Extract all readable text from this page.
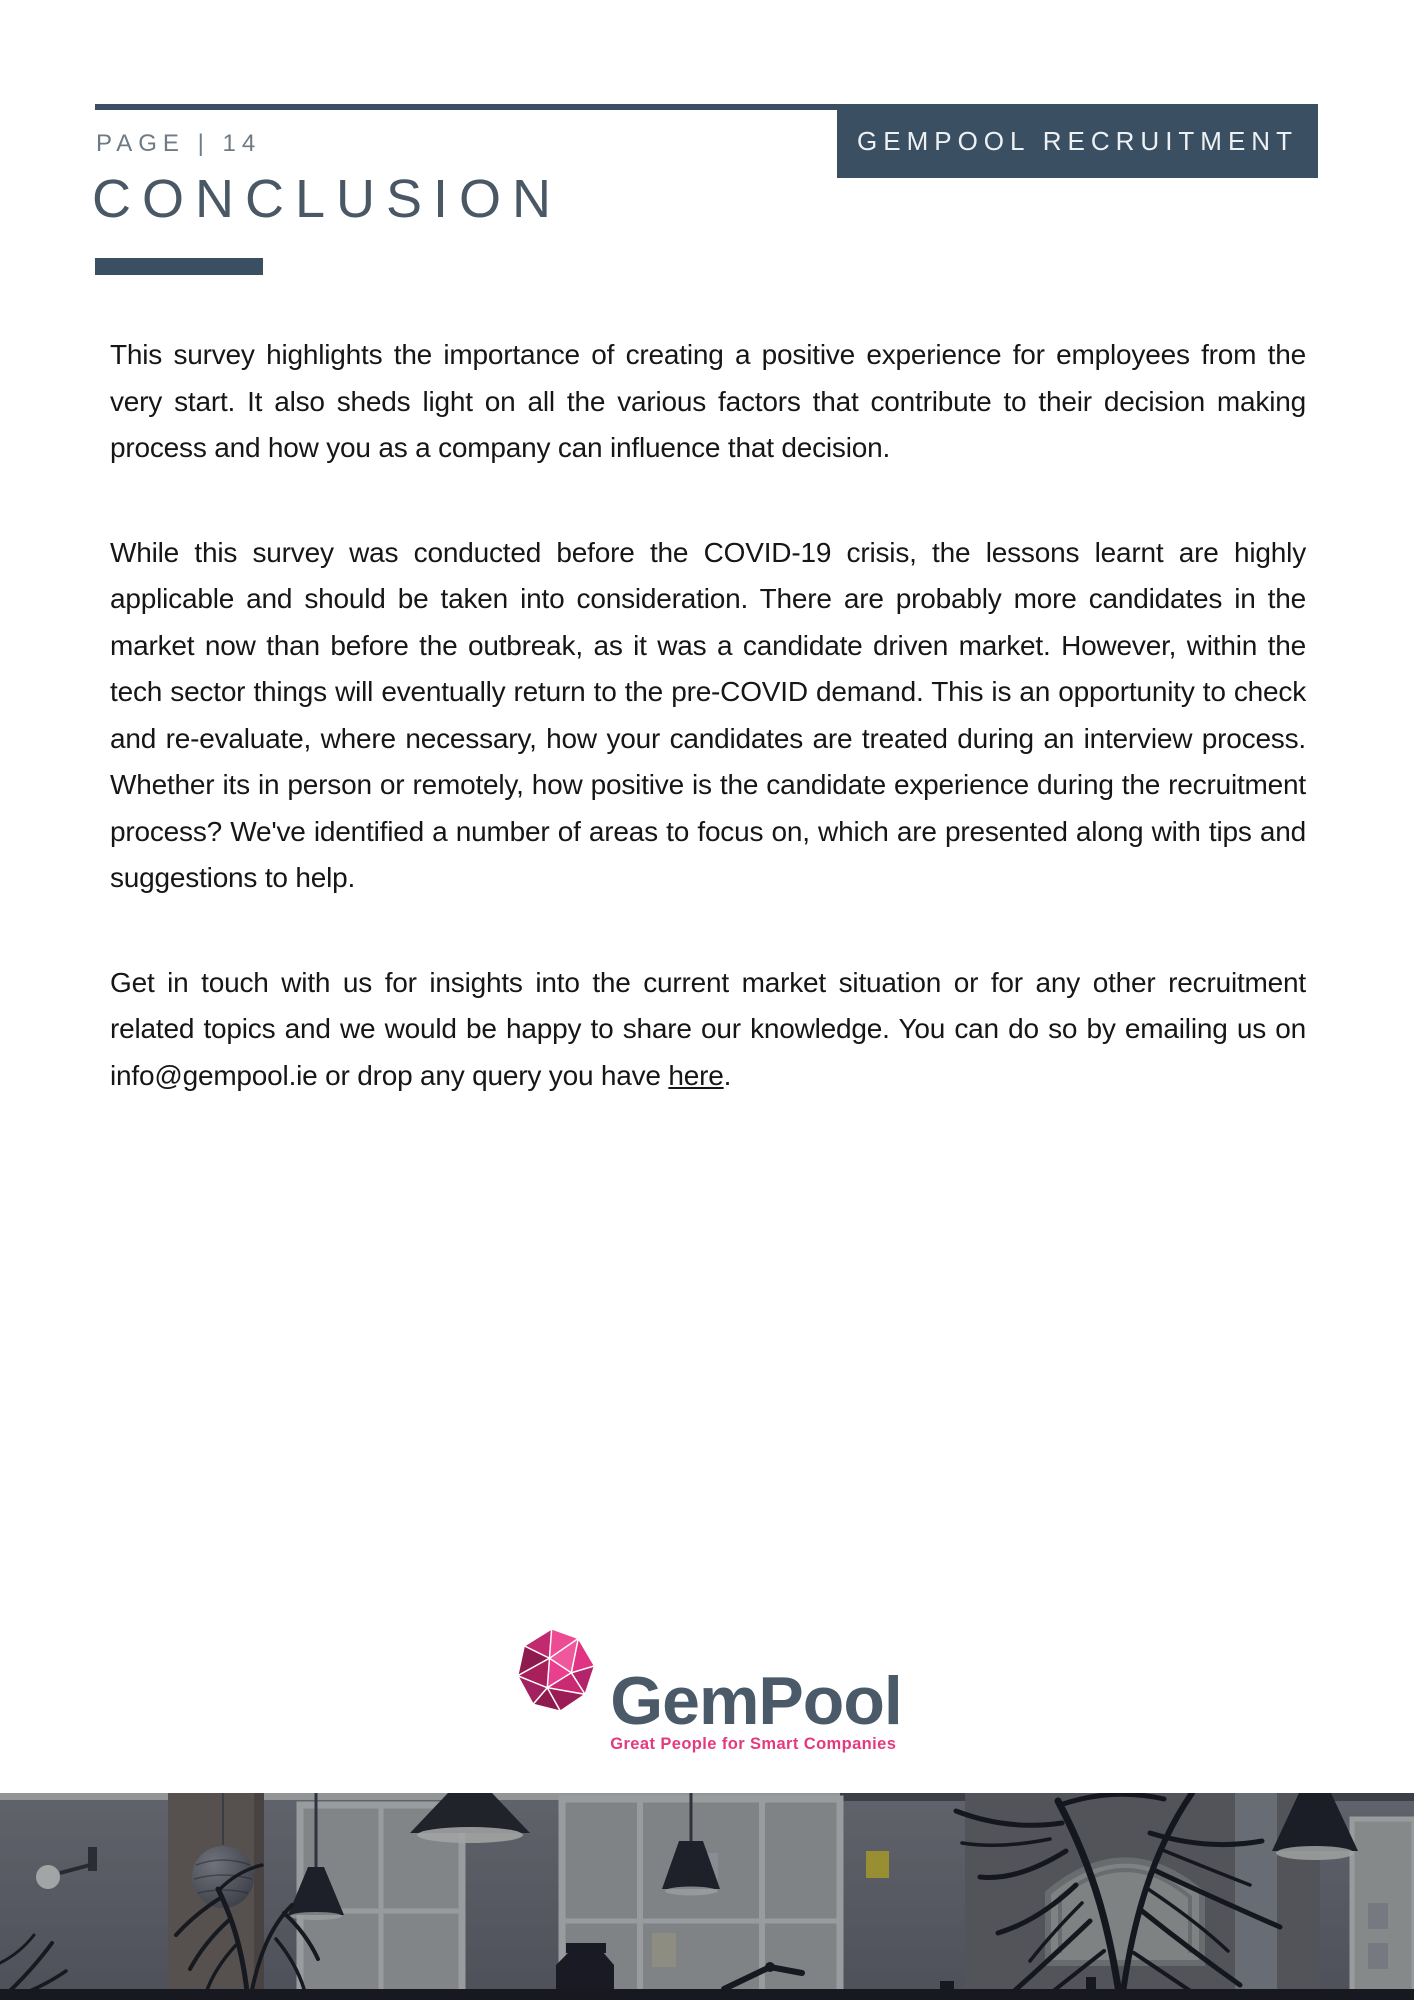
GEMPOOL RECRUITMENT
PAGE | 14
CONCLUSION

This survey highlights the importance of creating a positive experience for employees from the very start. It also sheds light on all the various factors that contribute to their decision making process and how you as a company can influence that decision.

While this survey was conducted before the COVID-19 crisis, the lessons learnt are highly applicable and should be taken into consideration. There are probably more candidates in the market now than before the outbreak, as it was a candidate driven market. However, within the tech sector things will eventually return to the pre-COVID demand. This is an opportunity to check and re-evaluate, where necessary, how your candidates are treated during an interview process. Whether its in person or remotely, how positive is the candidate experience during the recruitment process? We've identified a number of areas to focus on, which are presented along with tips and suggestions to help.

Get in touch with us for insights into the current market situation or for any other recruitment related topics and we would be happy to share our knowledge. You can do so by emailing us on info@gempool.ie or drop any query you have here.

GemPool
Great People for Smart Companies
